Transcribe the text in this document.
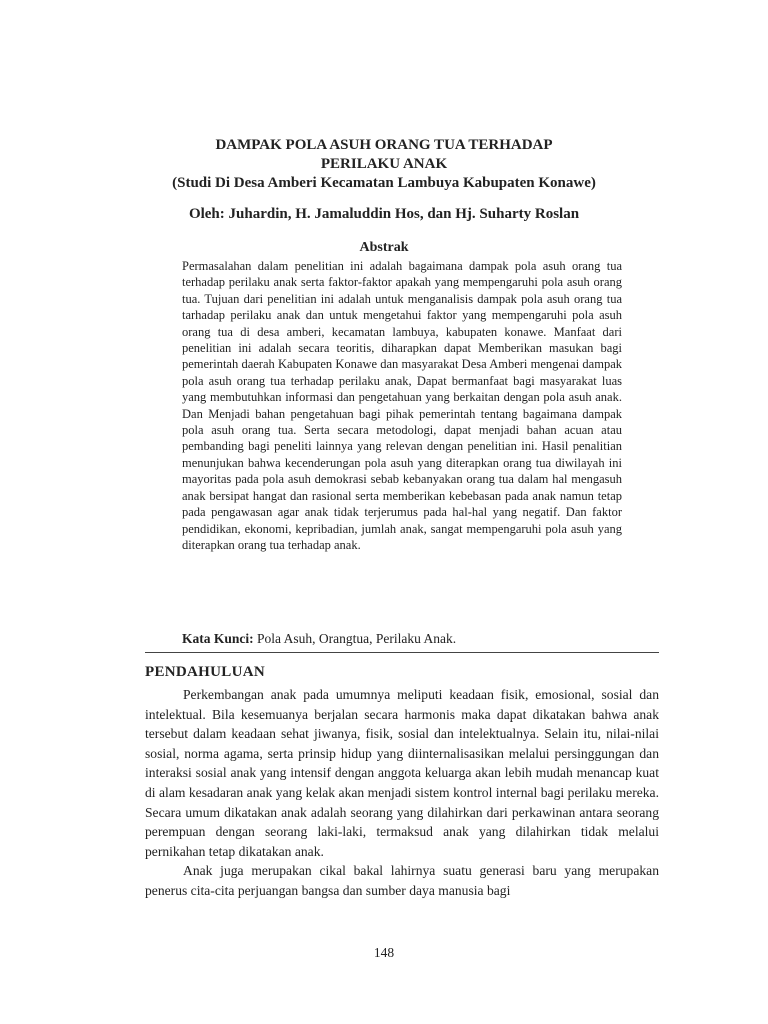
DAMPAK POLA ASUH ORANG TUA TERHADAP
PERILAKU ANAK
(Studi Di Desa Amberi Kecamatan Lambuya Kabupaten Konawe)
Oleh: Juhardin, H. Jamaluddin Hos, dan Hj. Suharty Roslan
Abstrak

Permasalahan dalam penelitian ini adalah bagaimana dampak pola asuh orang tua terhadap perilaku anak serta faktor-faktor apakah yang mempengaruhi pola asuh orang tua. Tujuan dari penelitian ini adalah untuk menganalisis dampak pola asuh orang tua tarhadap perilaku anak dan untuk mengetahui faktor yang mempengaruhi pola asuh orang tua di desa amberi, kecamatan lambuya, kabupaten konawe. Manfaat dari penelitian ini adalah secara teoritis, diharapkan dapat Memberikan masukan bagi pemerintah daerah Kabupaten Konawe dan masyarakat Desa Amberi mengenai dampak pola asuh orang tua terhadap perilaku anak, Dapat bermanfaat bagi masyarakat luas yang membutuhkan informasi dan pengetahuan yang berkaitan dengan pola asuh anak. Dan Menjadi bahan pengetahuan bagi pihak pemerintah tentang bagaimana dampak pola asuh orang tua. Serta secara metodologi, dapat menjadi bahan acuan atau pembanding bagi peneliti lainnya yang relevan dengan penelitian ini. Hasil penalitian menunjukan bahwa kecenderungan pola asuh yang diterapkan orang tua diwilayah ini mayoritas pada pola asuh demokrasi sebab kebanyakan orang tua dalam hal mengasuh anak bersipat hangat dan rasional serta memberikan kebebasan pada anak namun tetap pada pengawasan agar anak tidak terjerumus pada hal-hal yang negatif. Dan faktor pendidikan, ekonomi, kepribadian, jumlah anak, sangat mempengaruhi pola asuh yang diterapkan orang tua terhadap anak.

Kata Kunci: Pola Asuh, Orangtua, Perilaku Anak.
PENDAHULUAN

Perkembangan anak pada umumnya meliputi keadaan fisik, emosional, sosial dan intelektual. Bila kesemuanya berjalan secara harmonis maka dapat dikatakan bahwa anak tersebut dalam keadaan sehat jiwanya, fisik, sosial dan intelektualnya. Selain itu, nilai-nilai sosial, norma agama, serta prinsip hidup yang diinternalisasikan melalui persinggungan dan interaksi sosial anak yang intensif dengan anggota keluarga akan lebih mudah menancap kuat di alam kesadaran anak yang kelak akan menjadi sistem kontrol internal bagi perilaku mereka. Secara umum dikatakan anak adalah seorang yang dilahirkan dari perkawinan antara seorang perempuan dengan seorang laki-laki, termaksud anak yang dilahirkan tidak melalui pernikahan tetap dikatakan anak.

Anak juga merupakan cikal bakal lahirnya suatu generasi baru yang merupakan penerus cita-cita perjuangan bangsa dan sumber daya manusia bagi

148
